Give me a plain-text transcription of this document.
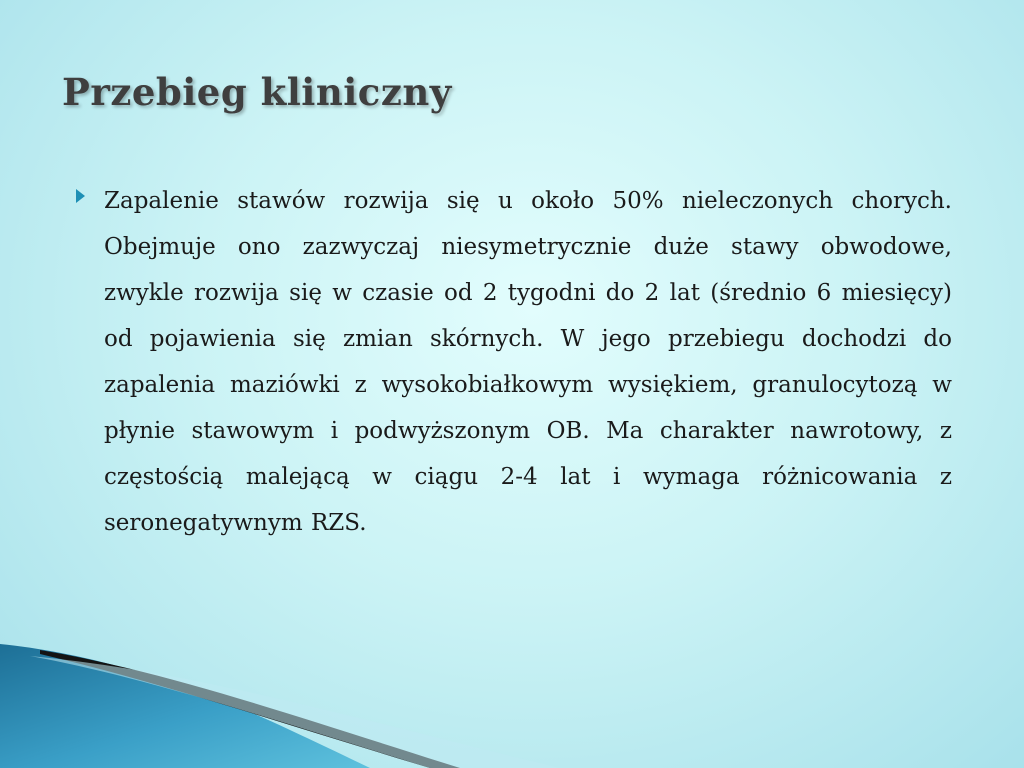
Przebieg kliniczny

Zapalenie stawów rozwija się u około 50% nieleczonych chorych. Obejmuje ono zazwyczaj niesymetrycznie duże stawy obwodowe, zwykle rozwija się w czasie od 2 tygodni do 2 lat (średnio 6 miesięcy) od pojawienia się zmian skórnych. W jego przebiegu dochodzi do zapalenia maziówki z wysokobiałkowym wysiękiem, granulocytozą w płynie stawowym i podwyższonym OB. Ma charakter nawrotowy, z częstością malejącą w ciągu 2-4 lat i wymaga różnicowania z seronegatywnym RZS.
